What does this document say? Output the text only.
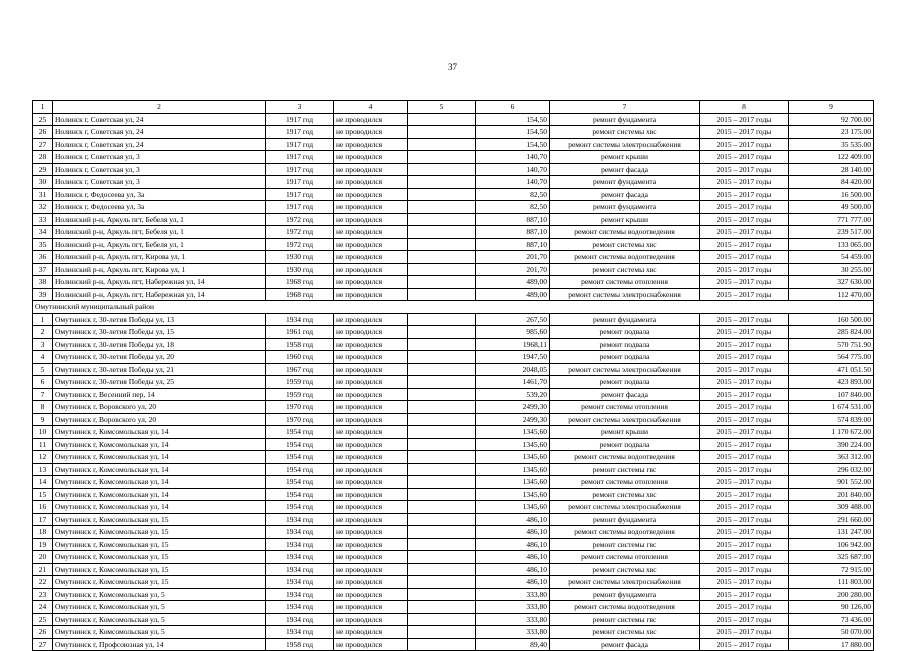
37
1	2	3	4	5	6	7	8	9
25	Нолинск г, Советская ул, 24	1917 год	не проводился		154,50	ремонт фундамента	2015 – 2017 годы	92 700.00
26	Нолинск г, Советская ул, 24	1917 год	не проводился		154,50	ремонт системы хвс	2015 – 2017 годы	23 175.00
27	Нолинск г, Советская ул, 24	1917 год	не проводился		154,50	ремонт системы электроснабжения	2015 – 2017 годы	35 535.00
28	Нолинск г, Советская ул, 3	1917 год	не проводился		140,70	ремонт крыши	2015 – 2017 годы	122 409.00
29	Нолинск г, Советская ул, 3	1917 год	не проводился		140,70	ремонт фасада	2015 – 2017 годы	28 140.00
30	Нолинск г, Советская ул, 3	1917 год	не проводился		140,70	ремонт фундамента	2015 – 2017 годы	84 420.00
31	Нолинск г, Федосеева ул, 3а	1917 год	не проводился		82,50	ремонт фасада	2015 – 2017 годы	16 500.00
32	Нолинск г, Федосеева ул, 3а	1917 год	не проводился		82,50	ремонт фундамента	2015 – 2017 годы	49 500.00
33	Нолинский р-н, Аркуль пгт, Бебеля ул, 1	1972 год	не проводился		887,10	ремонт крыши	2015 – 2017 годы	771 777.00
34	Нолинский р-н, Аркуль пгт, Бебеля ул, 1	1972 год	не проводился		887,10	ремонт системы водоотведения	2015 – 2017 годы	239 517.00
35	Нолинский р-н, Аркуль пгт, Бебеля ул, 1	1972 год	не проводился		887,10	ремонт системы хвс	2015 – 2017 годы	133 065.00
36	Нолинский р-н, Аркуль пгт, Кирова ул, 1	1930 год	не проводился		201,70	ремонт системы водоотведения	2015 – 2017 годы	54 459.00
37	Нолинский р-н, Аркуль пгт, Кирова ул, 1	1930 год	не проводился		201,70	ремонт системы хвс	2015 – 2017 годы	30 255.00
38	Нолинский р-н, Аркуль пгт, Набережная ул, 14	1968 год	не проводился		489,00	ремонт системы отопления	2015 – 2017 годы	327 630.00
39	Нолинский р-н, Аркуль пгт, Набережная ул, 14	1968 год	не проводился		489,00	ремонт системы электроснабжения	2015 – 2017 годы	112 470.00
Омутнинский муниципальный район								
1	Омутнинск г, 30-летия Победы ул, 13	1934 год	не проводился		267,50	ремонт фундамента	2015 – 2017 годы	160 500.00
2	Омутнинск г, 30-летия Победы ул, 15	1961 год	не проводился		985,60	ремонт подвала	2015 – 2017 годы	285 824.00
3	Омутнинск г, 30-летия Победы ул, 18	1958 год	не проводился		1968,11	ремонт подвала	2015 – 2017 годы	570 751.90
4	Омутнинск г, 30-летия Победы ул, 20	1960 год	не проводился		1947,50	ремонт подвала	2015 – 2017 годы	564 775.00
5	Омутнинск г, 30-летия Победы ул, 21	1967 год	не проводился		2048,05	ремонт системы электроснабжения	2015 – 2017 годы	471 051.50
6	Омутнинск г, 30-летия Победы ул, 25	1959 год	не проводился		1461,70	ремонт подвала	2015 – 2017 годы	423 893.00
7	Омутнинск г, Весенний пер, 14	1959 год	не проводился		539,20	ремонт фасада	2015 – 2017 годы	107 840.00
8	Омутнинск г, Воровского ул, 20	1970 год	не проводился		2499,30	ремонт системы отопления	2015 – 2017 годы	1 674 531.00
9	Омутнинск г, Воровского ул, 20	1970 год	не проводился		2499,30	ремонт системы электроснабжения	2015 – 2017 годы	574 839.00
10	Омутнинск г, Комсомольская ул, 14	1954 год	не проводился		1345,60	ремонт крыши	2015 – 2017 годы	1 170 672.00
11	Омутнинск г, Комсомольская ул, 14	1954 год	не проводился		1345,60	ремонт подвала	2015 – 2017 годы	390 224.00
12	Омутнинск г, Комсомольская ул, 14	1954 год	не проводился		1345,60	ремонт системы водоотведения	2015 – 2017 годы	363 312.00
13	Омутнинск г, Комсомольская ул, 14	1954 год	не проводился		1345,60	ремонт системы гвс	2015 – 2017 годы	296 032.00
14	Омутнинск г, Комсомольская ул, 14	1954 год	не проводился		1345,60	ремонт системы отопления	2015 – 2017 годы	901 552.00
15	Омутнинск г, Комсомольская ул, 14	1954 год	не проводился		1345,60	ремонт системы хвс	2015 – 2017 годы	201 840.00
16	Омутнинск г, Комсомольская ул, 14	1954 год	не проводился		1345,60	ремонт системы электроснабжения	2015 – 2017 годы	309 488.00
17	Омутнинск г, Комсомольская ул, 15	1934 год	не проводился		486,10	ремонт фундамента	2015 – 2017 годы	291 660.00
18	Омутнинск г, Комсомольская ул, 15	1934 год	не проводился		486,10	ремонт системы водоотведения	2015 – 2017 годы	131 247.00
19	Омутнинск г, Комсомольская ул, 15	1934 год	не проводился		486,10	ремонт системы гвс	2015 – 2017 годы	106 942.00
20	Омутнинск г, Комсомольская ул, 15	1934 год	не проводился		486,10	ремонт системы отопления	2015 – 2017 годы	325 687.00
21	Омутнинск г, Комсомольская ул, 15	1934 год	не проводился		486,10	ремонт системы хвс	2015 – 2017 годы	72 915.00
22	Омутнинск г, Комсомольская ул, 15	1934 год	не проводился		486,10	ремонт системы электроснабжения	2015 – 2017 годы	111 803.00
23	Омутнинск г, Комсомольская ул, 5	1934 год	не проводился		333,80	ремонт фундамента	2015 – 2017 годы	200 280.00
24	Омутнинск г, Комсомольская ул, 5	1934 год	не проводился		333,80	ремонт системы водоотведения	2015 – 2017 годы	90 126.00
25	Омутнинск г, Комсомольская ул, 5	1934 год	не проводился		333,80	ремонт системы гвс	2015 – 2017 годы	73 436.00
26	Омутнинск г, Комсомольская ул, 5	1934 год	не проводился		333,80	ремонт системы хвс	2015 – 2017 годы	50 070.00
27	Омутнинск г, Профсоюзная ул, 14	1958 год	не проводился		89,40	ремонт фасада	2015 – 2017 годы	17 880.00
